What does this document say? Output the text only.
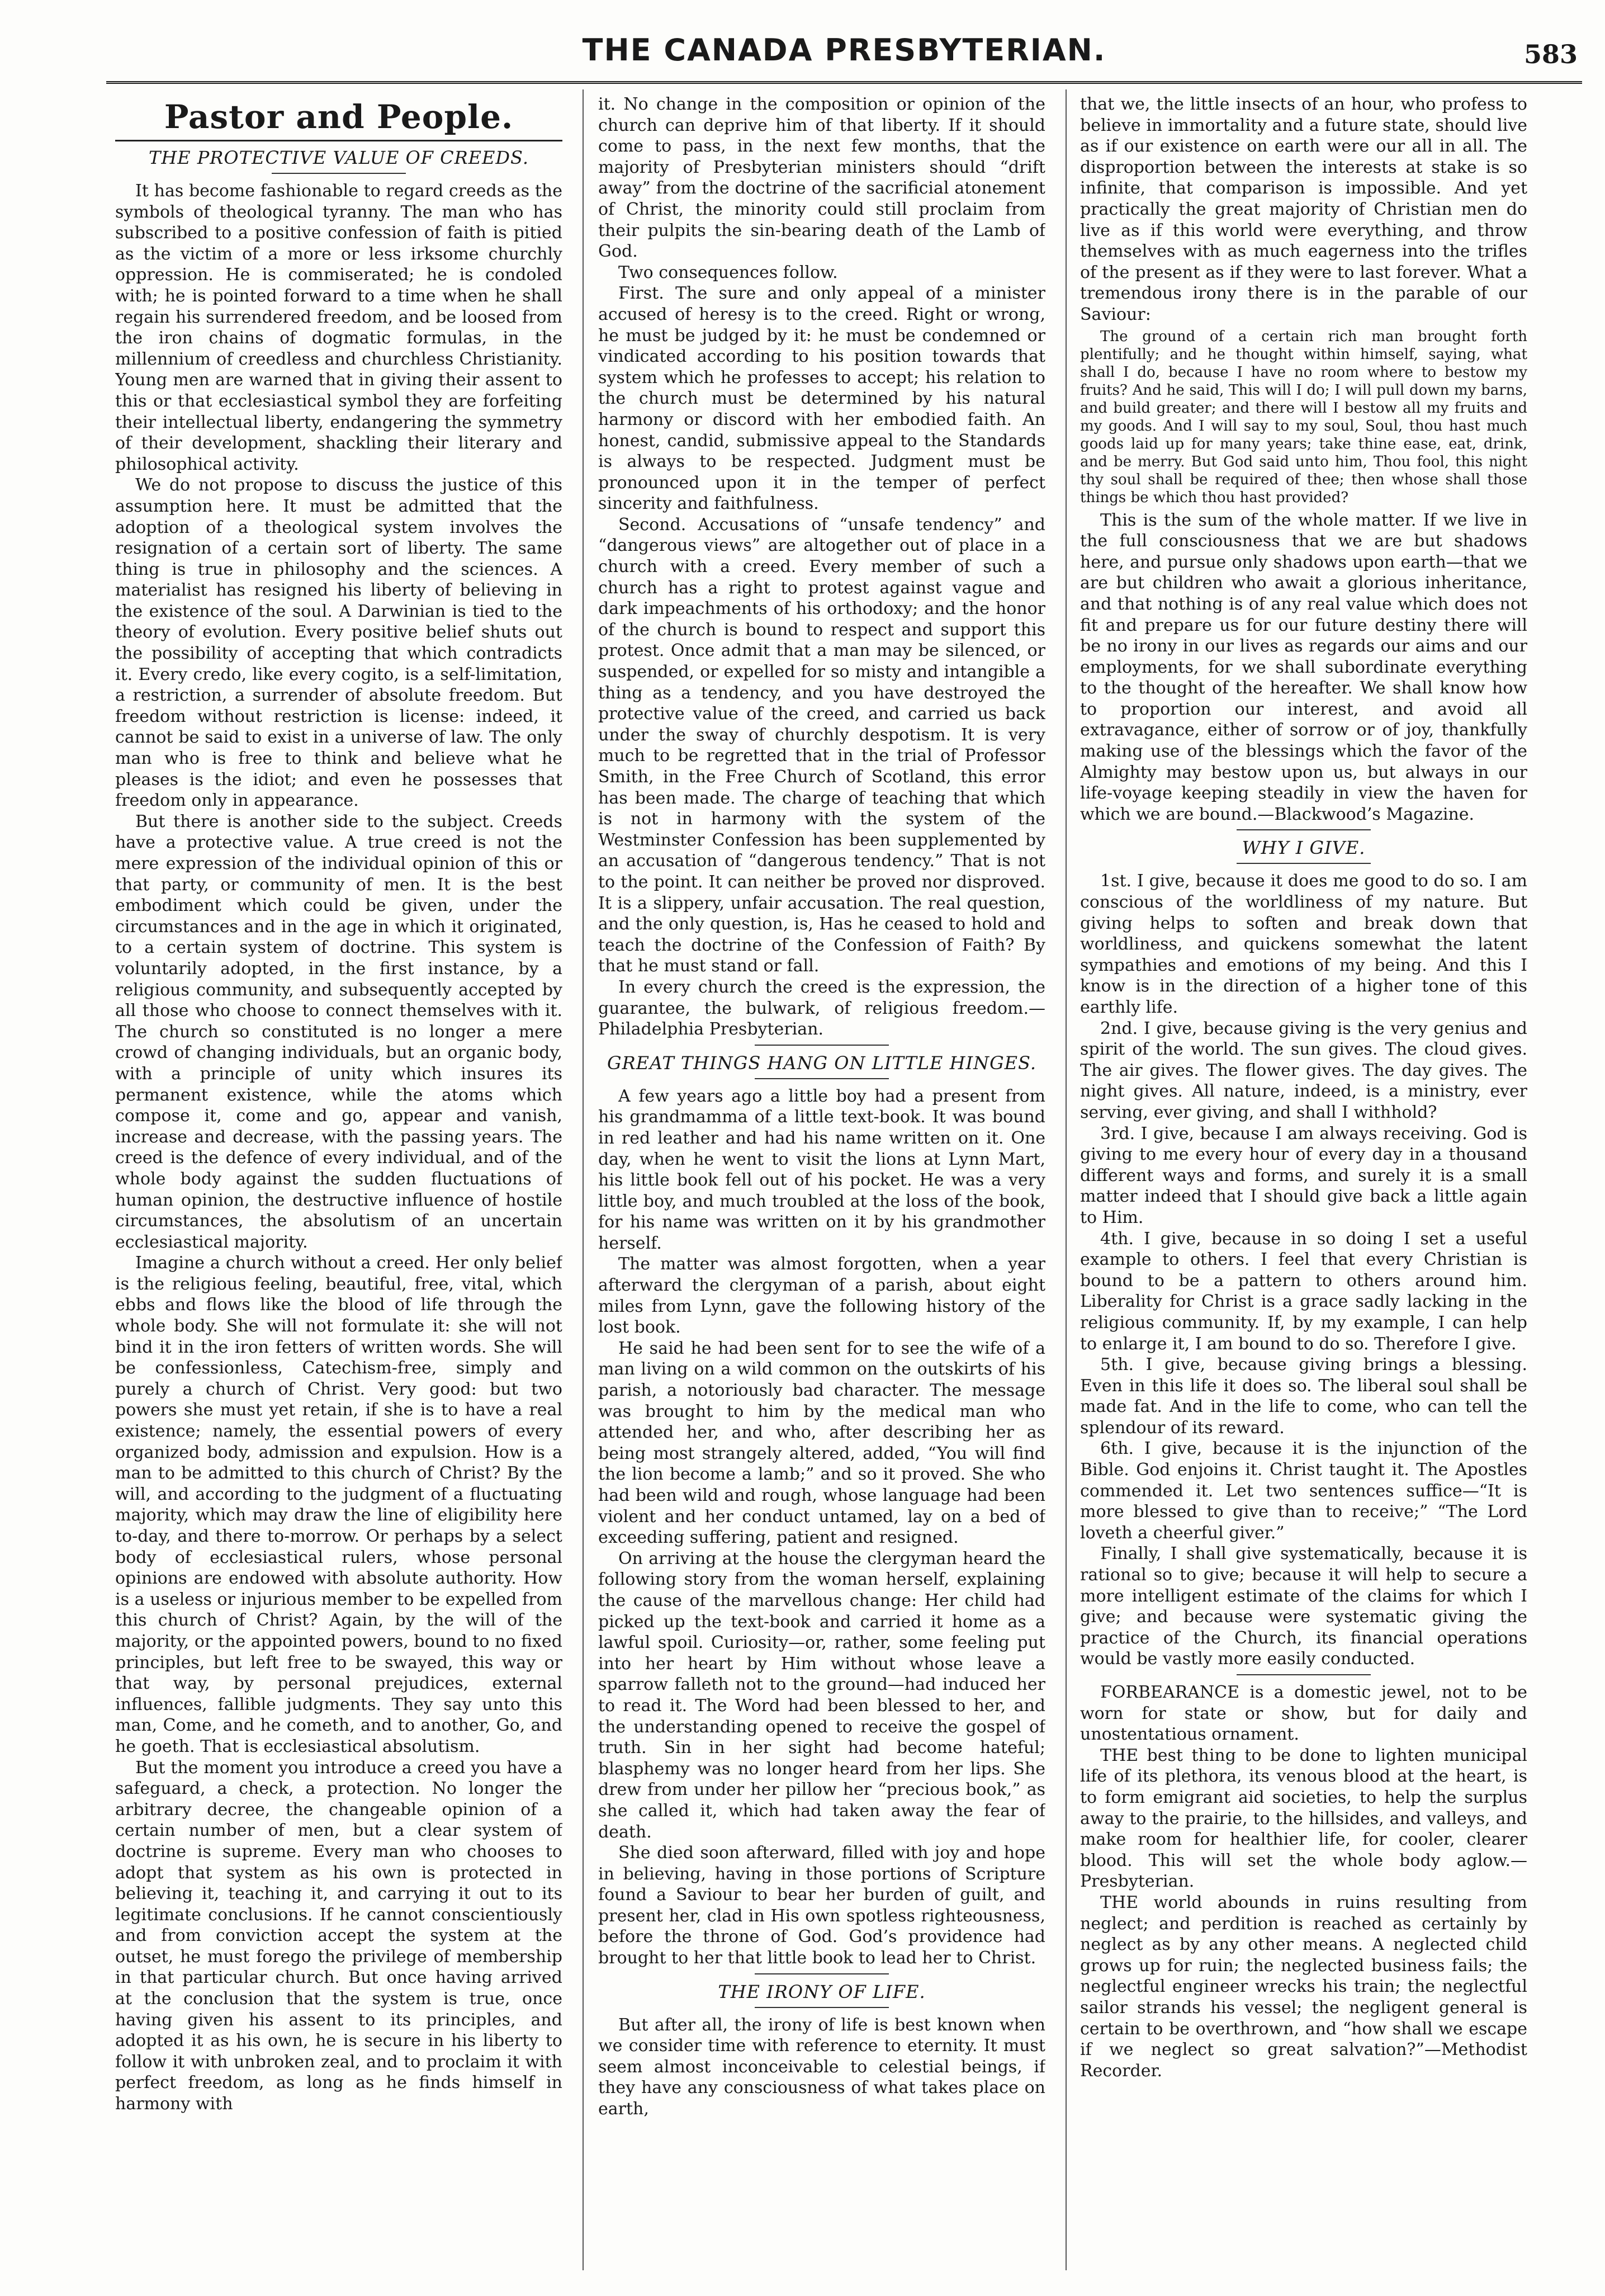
THE CANADA PRESBYTERIAN.	583
Pastor and People.
THE PROTECTIVE VALUE OF CREEDS.

It has become fashionable to regard creeds as the symbols of theological tyranny. The man who has subscribed to a positive confession of faith is pitied as the victim of a more or less irksome churchly oppression. He is commiserated; he is condoled with; he is pointed forward to a time when he shall regain his surrendered freedom, and be loosed from the iron chains of dogmatic formulas, in the millennium of creedless and churchless Christianity. Young men are warned that in giving their assent to this or that ecclesiastical symbol they are forfeiting their intellectual liberty, endangering the symmetry of their development, shackling their literary and philosophical activity.

We do not propose to discuss the justice of this assumption here. It must be admitted that the adoption of a theological system involves the resignation of a certain sort of liberty. The same thing is true in philosophy and the sciences. A materialist has resigned his liberty of believing in the existence of the soul. A Darwinian is tied to the theory of evolution. Every positive belief shuts out the possibility of accepting that which contradicts it. Every credo, like every cogito, is a self-limitation, a restriction, a surrender of absolute freedom. But freedom without restriction is license: indeed, it cannot be said to exist in a universe of law. The only man who is free to think and believe what he pleases is the idiot; and even he possesses that freedom only in appearance.

But there is another side to the subject. Creeds have a protective value. A true creed is not the mere expression of the individual opinion of this or that party, or community of men. It is the best embodiment which could be given, under the circumstances and in the age in which it originated, to a certain system of doctrine. This system is voluntarily adopted, in the first instance, by a religious community, and subsequently accepted by all those who choose to connect themselves with it. The church so constituted is no longer a mere crowd of changing individuals, but an organic body, with a principle of unity which insures its permanent existence, while the atoms which compose it, come and go, appear and vanish, increase and decrease, with the passing years. The creed is the defence of every individual, and of the whole body against the sudden fluctuations of human opinion, the destructive influence of hostile circumstances, the absolutism of an uncertain ecclesiastical majority.

Imagine a church without a creed. Her only belief is the religious feeling, beautiful, free, vital, which ebbs and flows like the blood of life through the whole body. She will not formulate it: she will not bind it in the iron fetters of written words. She will be confessionless, Catechism-free, simply and purely a church of Christ. Very good: but two powers she must yet retain, if she is to have a real existence; namely, the essential powers of every organized body, admission and expulsion. How is a man to be admitted to this church of Christ? By the will, and according to the judgment of a fluctuating majority, which may draw the line of eligibility here to-day, and there to-morrow. Or perhaps by a select body of ecclesiastical rulers, whose personal opinions are endowed with absolute authority. How is a useless or injurious member to be expelled from this church of Christ? Again, by the will of the majority, or the appointed powers, bound to no fixed principles, but left free to be swayed, this way or that way, by personal prejudices, external influences, fallible judgments. They say unto this man, Come, and he cometh, and to another, Go, and he goeth. That is ecclesiastical absolutism.

But the moment you introduce a creed you have a safeguard, a check, a protection. No longer the arbitrary decree, the changeable opinion of a certain number of men, but a clear system of doctrine is supreme. Every man who chooses to adopt that system as his own is protected in believing it, teaching it, and carrying it out to its legitimate conclusions. If he cannot conscientiously and from conviction accept the system at the outset, he must forego the privilege of membership in that particular church. But once having arrived at the conclusion that the system is true, once having given his assent to its principles, and adopted it as his own, he is secure in his liberty to follow it with unbroken zeal, and to proclaim it with perfect freedom, as long as he finds himself in harmony with

it. No change in the composition or opinion of the church can deprive him of that liberty. If it should come to pass, in the next few months, that the majority of Presbyterian ministers should “drift away” from the doctrine of the sacrificial atonement of Christ, the minority could still proclaim from their pulpits the sin-bearing death of the Lamb of God.

Two consequences follow.

First. The sure and only appeal of a minister accused of heresy is to the creed. Right or wrong, he must be judged by it: he must be condemned or vindicated according to his position towards that system which he professes to accept; his relation to the church must be determined by his natural harmony or discord with her embodied faith. An honest, candid, submissive appeal to the Standards is always to be respected. Judgment must be pronounced upon it in the temper of perfect sincerity and faithfulness.

Second. Accusations of “unsafe tendency” and “dangerous views” are altogether out of place in a church with a creed. Every member of such a church has a right to protest against vague and dark impeachments of his orthodoxy; and the honor of the church is bound to respect and support this protest. Once admit that a man may be silenced, or suspended, or expelled for so misty and intangible a thing as a tendency, and you have destroyed the protective value of the creed, and carried us back under the sway of churchly despotism. It is very much to be regretted that in the trial of Professor Smith, in the Free Church of Scotland, this error has been made. The charge of teaching that which is not in harmony with the system of the Westminster Confession has been supplemented by an accusation of “dangerous tendency.” That is not to the point. It can neither be proved nor disproved. It is a slippery, unfair accusation. The real question, and the only question, is, Has he ceased to hold and teach the doctrine of the Confession of Faith? By that he must stand or fall.

In every church the creed is the expression, the guarantee, the bulwark, of religious freedom.—Philadelphia Presbyterian.

GREAT THINGS HANG ON LITTLE HINGES.

A few years ago a little boy had a present from his grandmamma of a little text-book. It was bound in red leather and had his name written on it. One day, when he went to visit the lions at Lynn Mart, his little book fell out of his pocket. He was a very little boy, and much troubled at the loss of the book, for his name was written on it by his grandmother herself.

The matter was almost forgotten, when a year afterward the clergyman of a parish, about eight miles from Lynn, gave the following history of the lost book.

He said he had been sent for to see the wife of a man living on a wild common on the outskirts of his parish, a notoriously bad character. The message was brought to him by the medical man who attended her, and who, after describing her as being most strangely altered, added, “You will find the lion become a lamb;” and so it proved. She who had been wild and rough, whose language had been violent and her conduct untamed, lay on a bed of exceeding suffering, patient and resigned.

On arriving at the house the clergyman heard the following story from the woman herself, explaining the cause of the marvellous change: Her child had picked up the text-book and carried it home as a lawful spoil. Curiosity—or, rather, some feeling put into her heart by Him without whose leave a sparrow falleth not to the ground—had induced her to read it. The Word had been blessed to her, and the understanding opened to receive the gospel of truth. Sin in her sight had become hateful; blasphemy was no longer heard from her lips. She drew from under her pillow her “precious book,” as she called it, which had taken away the fear of death.

She died soon afterward, filled with joy and hope in believing, having in those portions of Scripture found a Saviour to bear her burden of guilt, and present her, clad in His own spotless righteousness, before the throne of God. God’s providence had brought to her that little book to lead her to Christ.

THE IRONY OF LIFE.

But after all, the irony of life is best known when we consider time with reference to eternity. It must seem almost inconceivable to celestial beings, if they have any consciousness of what takes place on earth,

that we, the little insects of an hour, who profess to believe in immortality and a future state, should live as if our existence on earth were our all in all. The disproportion between the interests at stake is so infinite, that comparison is impossible. And yet practically the great majority of Christian men do live as if this world were everything, and throw themselves with as much eagerness into the trifles of the present as if they were to last forever. What a tremendous irony there is in the parable of our Saviour:

The ground of a certain rich man brought forth plentifully; and he thought within himself, saying, what shall I do, because I have no room where to bestow my fruits? And he said, This will I do; I will pull down my barns, and build greater; and there will I bestow all my fruits and my goods. And I will say to my soul, Soul, thou hast much goods laid up for many years; take thine ease, eat, drink, and be merry. But God said unto him, Thou fool, this night thy soul shall be required of thee; then whose shall those things be which thou hast provided?

This is the sum of the whole matter. If we live in the full consciousness that we are but shadows here, and pursue only shadows upon earth—that we are but children who await a glorious inheritance, and that nothing is of any real value which does not fit and prepare us for our future destiny there will be no irony in our lives as regards our aims and our employments, for we shall subordinate everything to the thought of the hereafter. We shall know how to proportion our interest, and avoid all extravagance, either of sorrow or of joy, thankfully making use of the blessings which the favor of the Almighty may bestow upon us, but always in our life-voyage keeping steadily in view the haven for which we are bound.—Blackwood’s Magazine.

WHY I GIVE.

1st. I give, because it does me good to do so. I am conscious of the worldliness of my nature. But giving helps to soften and break down that worldliness, and quickens somewhat the latent sympathies and emotions of my being. And this I know is in the direction of a higher tone of this earthly life.

2nd. I give, because giving is the very genius and spirit of the world. The sun gives. The cloud gives. The air gives. The flower gives. The day gives. The night gives. All nature, indeed, is a ministry, ever serving, ever giving, and shall I withhold?

3rd. I give, because I am always receiving. God is giving to me every hour of every day in a thousand different ways and forms, and surely it is a small matter indeed that I should give back a little again to Him.

4th. I give, because in so doing I set a useful example to others. I feel that every Christian is bound to be a pattern to others around him. Liberality for Christ is a grace sadly lacking in the religious community. If, by my example, I can help to enlarge it, I am bound to do so. Therefore I give.

5th. I give, because giving brings a blessing. Even in this life it does so. The liberal soul shall be made fat. And in the life to come, who can tell the splendour of its reward.

6th. I give, because it is the injunction of the Bible. God enjoins it. Christ taught it. The Apostles commended it. Let two sentences suffice—“It is more blessed to give than to receive;” “The Lord loveth a cheerful giver.”

Finally, I shall give systematically, because it is rational so to give; because it will help to secure a more intelligent estimate of the claims for which I give; and because were systematic giving the practice of the Church, its financial operations would be vastly more easily conducted.

FORBEARANCE is a domestic jewel, not to be worn for state or show, but for daily and unostentatious ornament.

THE best thing to be done to lighten municipal life of its plethora, its venous blood at the heart, is to form emigrant aid societies, to help the surplus away to the prairie, to the hillsides, and valleys, and make room for healthier life, for cooler, clearer blood. This will set the whole body aglow.—Presbyterian.

THE world abounds in ruins resulting from neglect; and perdition is reached as certainly by neglect as by any other means. A neglected child grows up for ruin; the neglected business fails; the neglectful engineer wrecks his train; the neglectful sailor strands his vessel; the negligent general is certain to be overthrown, and “how shall we escape if we neglect so great salvation?”—Methodist Recorder.
